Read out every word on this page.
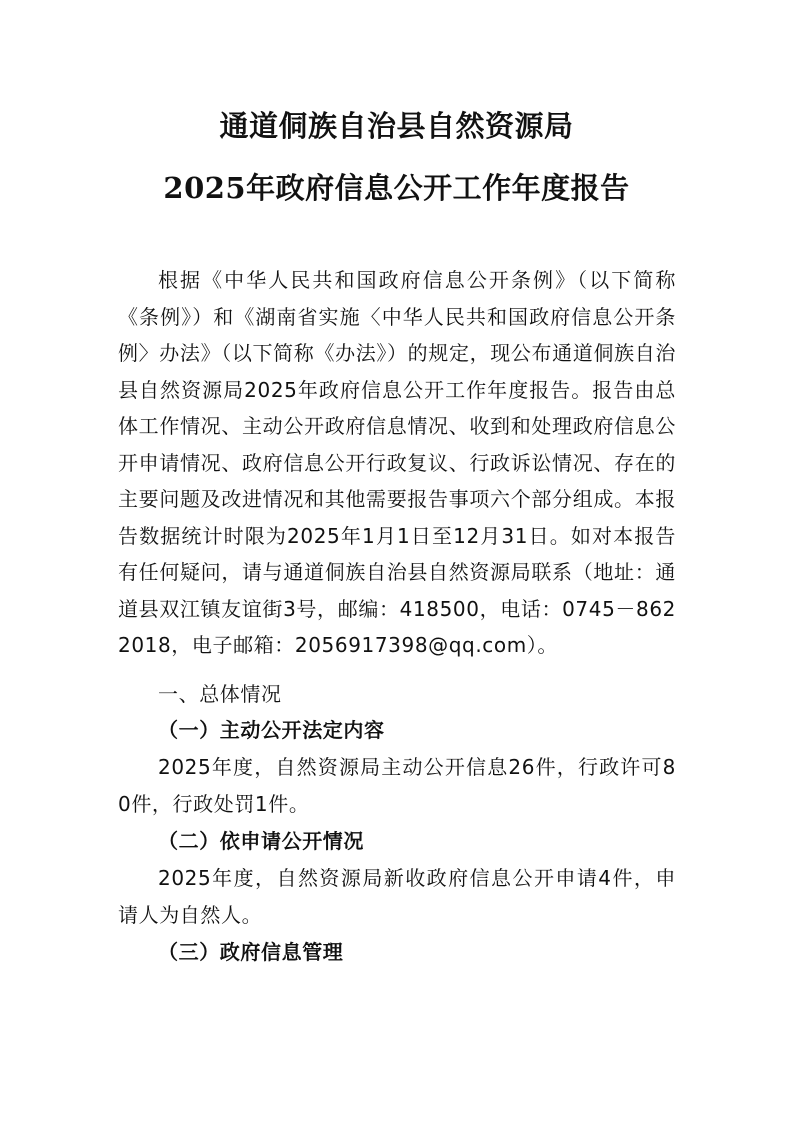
通道侗族自治县自然资源局
2025年政府信息公开工作年度报告

根据《中华人民共和国政府信息公开条例》（以下简称《条例》）和《湖南省实施〈中华人民共和国政府信息公开条例〉办法》（以下简称《办法》）的规定，现公布通道侗族自治县自然资源局2025年政府信息公开工作年度报告。报告由总体工作情况、主动公开政府信息情况、收到和处理政府信息公开申请情况、政府信息公开行政复议、行政诉讼情况、存在的主要问题及改进情况和其他需要报告事项六个部分组成。本报告数据统计时限为2025年1月1日至12月31日。如对本报告有任何疑问，请与通道侗族自治县自然资源局联系（地址：通道县双江镇友谊街3号，邮编：418500，电话：0745－8622018，电子邮箱：2056917398@qq.com）。

一、总体情况
（一）主动公开法定内容

2025年度，自然资源局主动公开信息26件，行政许可80件，行政处罚1件。

（二）依申请公开情况

2025年度，自然资源局新收政府信息公开申请4件，申请人为自然人。

（三）政府信息管理
